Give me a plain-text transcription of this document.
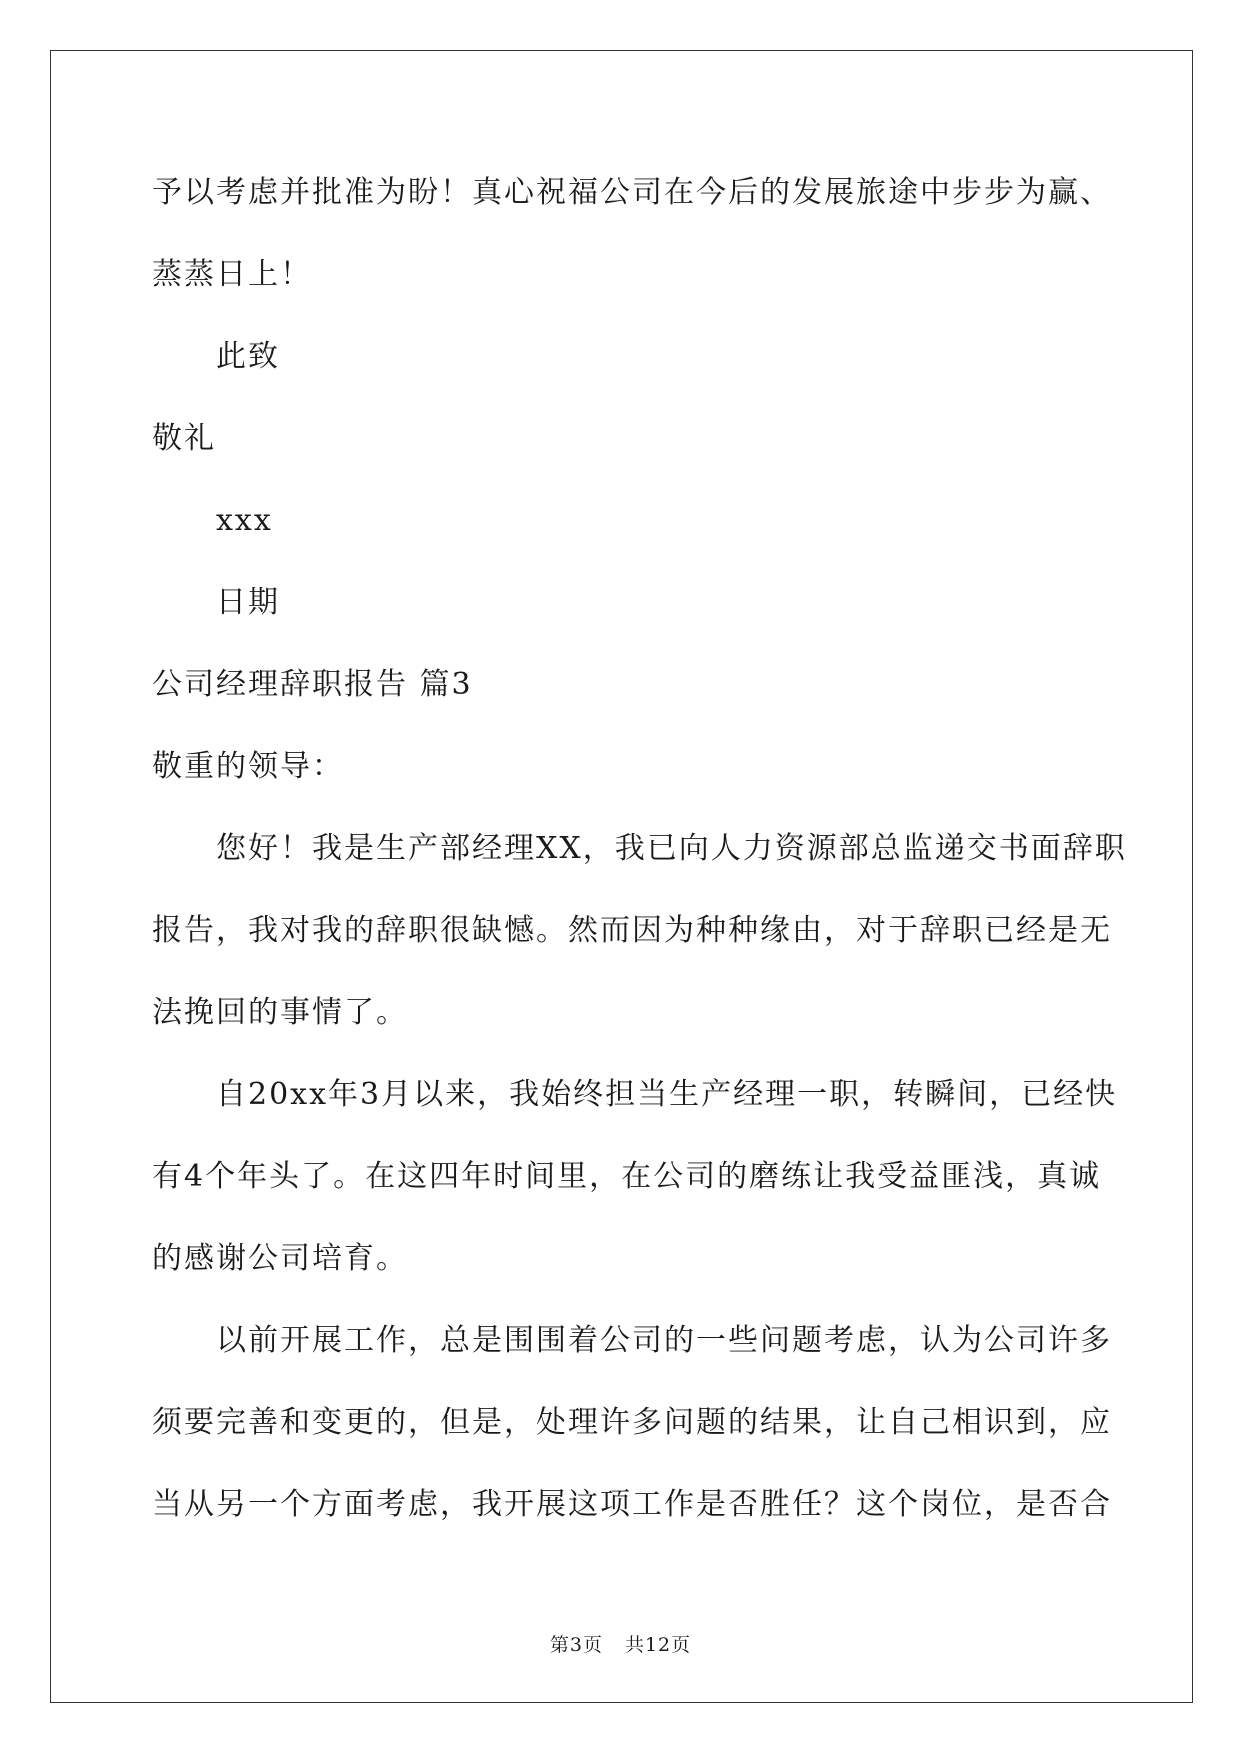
予以考虑并批准为盼！真心祝福公司在今后的发展旅途中步步为赢、
蒸蒸日上！
此致
敬礼
xxx
日期
公司经理辞职报告 篇3
敬重的领导：
您好！我是生产部经理XX，我已向人力资源部总监递交书面辞职
报告，我对我的辞职很缺憾。然而因为种种缘由，对于辞职已经是无
法挽回的事情了。
自20xx年3月以来，我始终担当生产经理一职，转瞬间，已经快
有4个年头了。在这四年时间里，在公司的磨练让我受益匪浅，真诚
的感谢公司培育。
以前开展工作，总是围围着公司的一些问题考虑，认为公司许多
须要完善和变更的，但是，处理许多问题的结果，让自己相识到，应
当从另一个方面考虑，我开展这项工作是否胜任？这个岗位，是否合
第3页 共12页
